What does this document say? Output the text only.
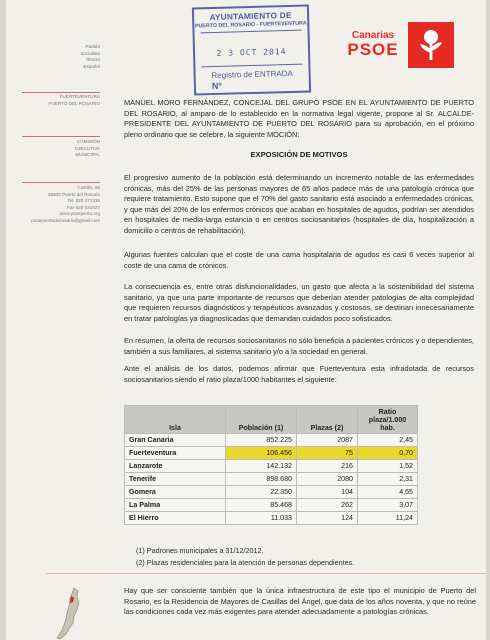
Partido
Socialista
Obrero
Español
FUERTEVENTURA
PUERTO DEL ROSARIO
COMISIÓN
EJECUTIVA
MUNICIPAL
Castillo, 66
35600 Puerto del Rosario
Tel. 928 471336
Fax 928 531027
www.psoejuerto.org
psoepuertodelrosario@gmail.com
AYUNTAMIENTO DE
PUERTO DEL ROSARIO - FUERTEVENTURA
2 3 OCT 2014
Registro de ENTRADA
Nº
Canarias
PSOE
MANUEL MORO FERNÁNDEZ, CONCEJAL DEL GRUPO PSOE EN EL AYUNTAMIENTO DE PUERTO DEL ROSARIO, al amparo de lo establecido en la normativa legal vigente, propone al Sr. ALCALDE-PRESIDENTE DEL AYUNTAMIENTO DE PUERTO DEL ROSARIO para su aprobación, en el próximo pleno ordinario que se celebre, la siguiente MOCIÓN:
EXPOSICIÓN DE MOTIVOS
El progresivo aumento de la población está determinando un incremento notable de las enfermedades crónicas, más del 25% de las personas mayores de 65 años padece más de una patología crónica que requiere tratamiento. Esto supone que el 70% del gasto sanitario está asociado a enfermedades crónicas, y que más del 20% de los enfermos crónicos que acaban en hospitales de agudos, podrían ser atendidos en hospitales de media-larga estancia o en centros sociosanitarios (hospitales de día, hospitalización a domicilio o centros de rehabilitación).
Algunas fuentes calculan que el coste de una cama hospitalaria de agudos es casi 6 veces superior al coste de una cama de crónicos.
La consecuencia es, entre otras disfuncionalidades, un gasto que afecta a la sostenibilidad del sistema sanitario, ya que una parte importante de recursos que deberían atender patologías de alta complejidad que requieren recursos diagnósticos y terapéuticos avanzados y costosos, se destinan innecesariamente en tratar patologías ya diagnosticadas que demandan cuidados poco sofisticados.
En resumen, la oferta de recursos sociosanitarios no sólo beneficia a pacientes crónicos y o dependientes, también a sus familiares, al sistema sanitario y/o a la sociedad en general.
Ante el análisis de los datos, podemos afirmar que Fuerteventura esta infradotada de recursos sociosanitarios siendo el ratio plaza/1000 habitantes el siguiente:
Isla	Población (1)	Plazas (2)	Ratio plaza/1.000 hab.
Gran Canaria	852.225	2087	2,45
Fuerteventura	106.456	75	0,70
Lanzarote	142.132	216	1,52
Tenerife	898.680	2080	2,31
Gomera	22.350	104	4,65
La Palma	85.468	262	3,07
El Hierro	11.033	124	11,24
(1) Padrones municipales a 31/12/2012.
(2) Plazas residenciales para la atención de personas dependientes.
Hay que ser consciente también que la única infraestructura de este tipo el municipio de Puerto del Rosario, es la Residencia de Mayores de Casillas del Ángel, que data de los años noventa, y que no reúne las condiciones cada vez más exigentes para atender adecuadamente a patologías crónicas.
